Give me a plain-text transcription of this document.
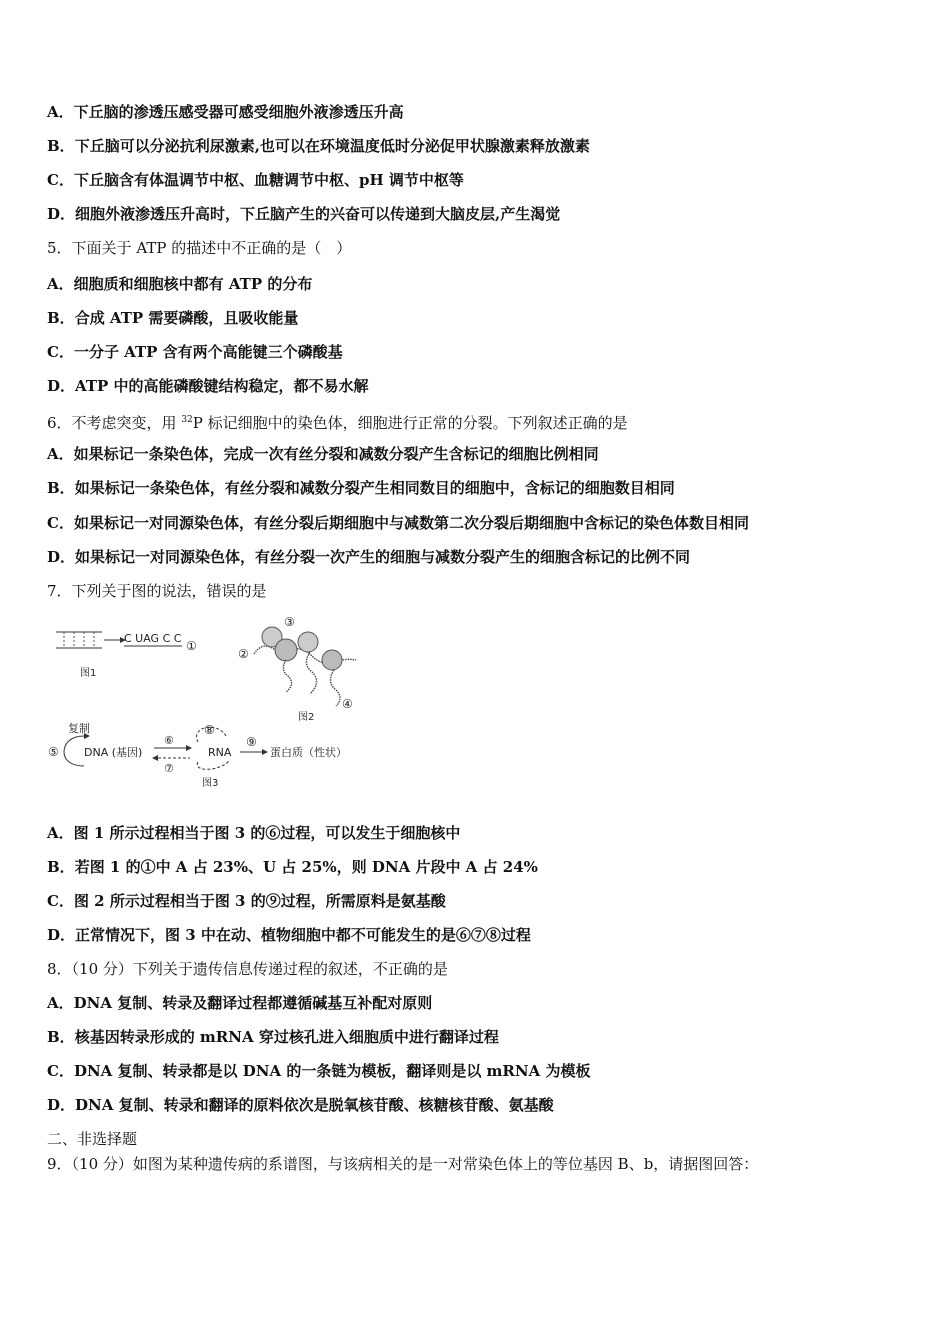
A．下丘脑的渗透压感受器可感受细胞外液渗透压升高
B．下丘脑可以分泌抗利尿激素,也可以在环境温度低时分泌促甲状腺激素释放激素
C．下丘脑含有体温调节中枢、血糖调节中枢、pH 调节中枢等
D．细胞外液渗透压升高时，下丘脑产生的兴奋可以传递到大脑皮层,产生渴觉
5．下面关于 ATP 的描述中不正确的是（　）
A．细胞质和细胞核中都有 ATP 的分布
B．合成 ATP 需要磷酸，且吸收能量
C．一分子 ATP 含有两个高能键三个磷酸基
D．ATP 中的高能磷酸键结构稳定，都不易水解
6．不考虑突变，用 $^{32}$P 标记细胞中的染色体，细胞进行正常的分裂。下列叙述正确的是
A．如果标记一条染色体，完成一次有丝分裂和减数分裂产生含标记的细胞比例相同
B．如果标记一条染色体，有丝分裂和减数分裂产生相同数目的细胞中，含标记的细胞数目相同
C．如果标记一对同源染色体，有丝分裂后期细胞中与减数第二次分裂后期细胞中含标记的染色体数目相同
D．如果标记一对同源染色体，有丝分裂一次产生的细胞与减数分裂产生的细胞含标记的比例不同
7．下列关于图的说法，错误的是
C UAG C C
①
图1
②
③
④
图2
复制
⑤ DNA (基因)
⑥
⑦
⑧
RNA
⑨
蛋白质（性状）
图3
A．图 1 所示过程相当于图 3 的⑥过程，可以发生于细胞核中
B．若图 1 的①中 A 占 23%、U 占 25%，则 DNA 片段中 A 占 24%
C．图 2 所示过程相当于图 3 的⑨过程，所需原料是氨基酸
D．正常情况下，图 3 中在动、植物细胞中都不可能发生的是⑥⑦⑧过程
8．（10 分）下列关于遗传信息传递过程的叙述，不正确的是
A．DNA 复制、转录及翻译过程都遵循碱基互补配对原则
B．核基因转录形成的 mRNA 穿过核孔进入细胞质中进行翻译过程
C．DNA 复制、转录都是以 DNA 的一条链为模板，翻译则是以 mRNA 为模板
D．DNA 复制、转录和翻译的原料依次是脱氧核苷酸、核糖核苷酸、氨基酸
二、非选择题
9．（10 分）如图为某种遗传病的系谱图，与该病相关的是一对常染色体上的等位基因 B、b，请据图回答：
